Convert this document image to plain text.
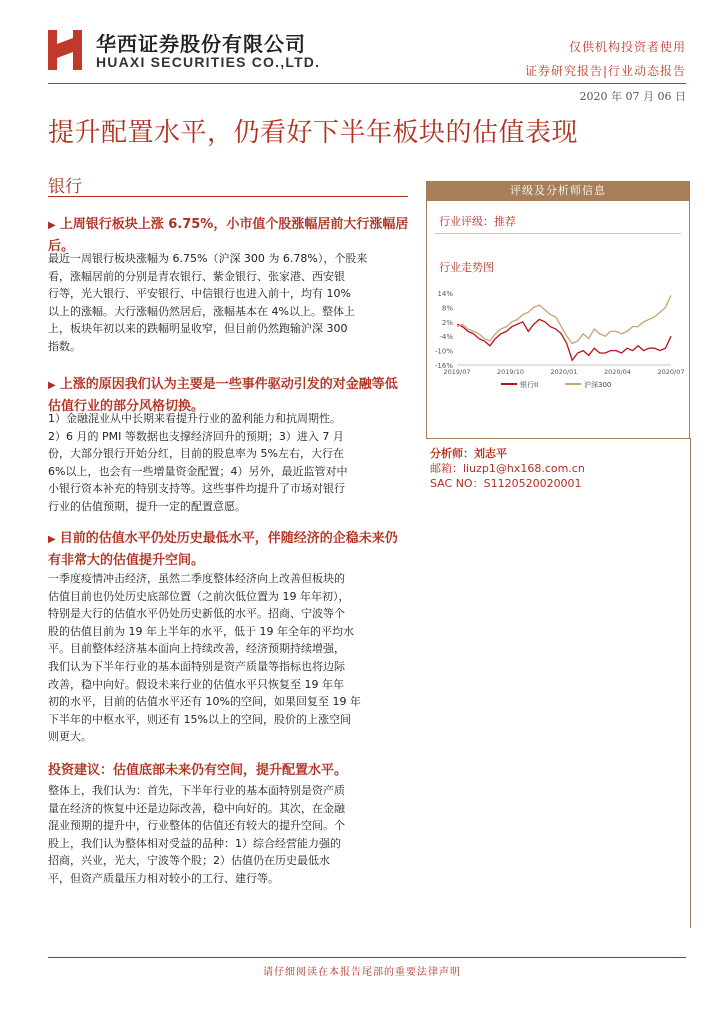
华西证券股份有限公司
HUAXI SECURITIES CO.,LTD.
仅供机构投资者使用
证券研究报告|行业动态报告
2020 年 07 月 06 日
提升配置水平，仍看好下半年板块的估值表现
银行
▶ 上周银行板块上涨 6.75%，小市值个股涨幅居前大行涨幅居后。

最近一周银行板块涨幅为 6.75%（沪深 300 为 6.78%），个股来

看，涨幅居前的分别是青农银行、紫金银行、张家港、西安银

行等，光大银行、平安银行、中信银行也进入前十，均有 10%

以上的涨幅。大行涨幅仍然居后，涨幅基本在 4%以上。整体上

上，板块年初以来的跌幅明显收窄，但目前仍然跑输沪深 300

指数。

▶ 上涨的原因我们认为主要是一些事件驱动引发的对金融等低估值行业的部分风格切换。

1）金融混业从中长期来看提升行业的盈利能力和抗周期性。

2）6 月的 PMI 等数据也支撑经济回升的预期；3）进入 7 月

份，大部分银行开始分红，目前的股息率为 5%左右，大行在

6%以上，也会有一些增量资金配置；4）另外，最近监管对中

小银行资本补充的特别支持等。这些事件均提升了市场对银行

行业的估值预期，提升一定的配置意愿。

▶ 目前的估值水平仍处历史最低水平，伴随经济的企稳未来仍有非常大的估值提升空间。

一季度疫情冲击经济，虽然二季度整体经济向上改善但板块的

估值目前也仍处历史底部位置（之前次低位置为 19 年年初），

特别是大行的估值水平仍处历史新低的水平。招商、宁波等个

股的估值目前为 19 年上半年的水平，低于 19 年全年的平均水

平。目前整体经济基本面向上持续改善，经济预期持续增强，

我们认为下半年行业的基本面特别是资产质量等指标也将边际

改善，稳中向好。假设未来行业的估值水平只恢复至 19 年年

初的水平，目前的估值水平还有 10%的空间，如果回复至 19 年

下半年的中枢水平，则还有 15%以上的空间，股价的上涨空间

则更大。

投资建议：估值底部未来仍有空间，提升配置水平。

整体上，我们认为：首先，下半年行业的基本面特别是资产质

量在经济的恢复中还是边际改善，稳中向好的。其次，在金融

混业预期的提升中，行业整体的估值还有较大的提升空间。个

股上，我们认为整体相对受益的品种：1）综合经营能力强的

招商，兴业，光大，宁波等个股；2）估值仍在历史最低水

平，但资产质量压力相对较小的工行、建行等。

评级及分析师信息
行业评级：推荐
行业走势图
14%
8%
2%
-4%
-10%
-16%
2019/07	2019/10	2020/01	2020/04	2020/07
银行II	沪深300
分析师：刘志平
邮箱：liuzp1@hx168.com.cn
SAC NO：S1120520020001
请仔细阅读在本报告尾部的重要法律声明
